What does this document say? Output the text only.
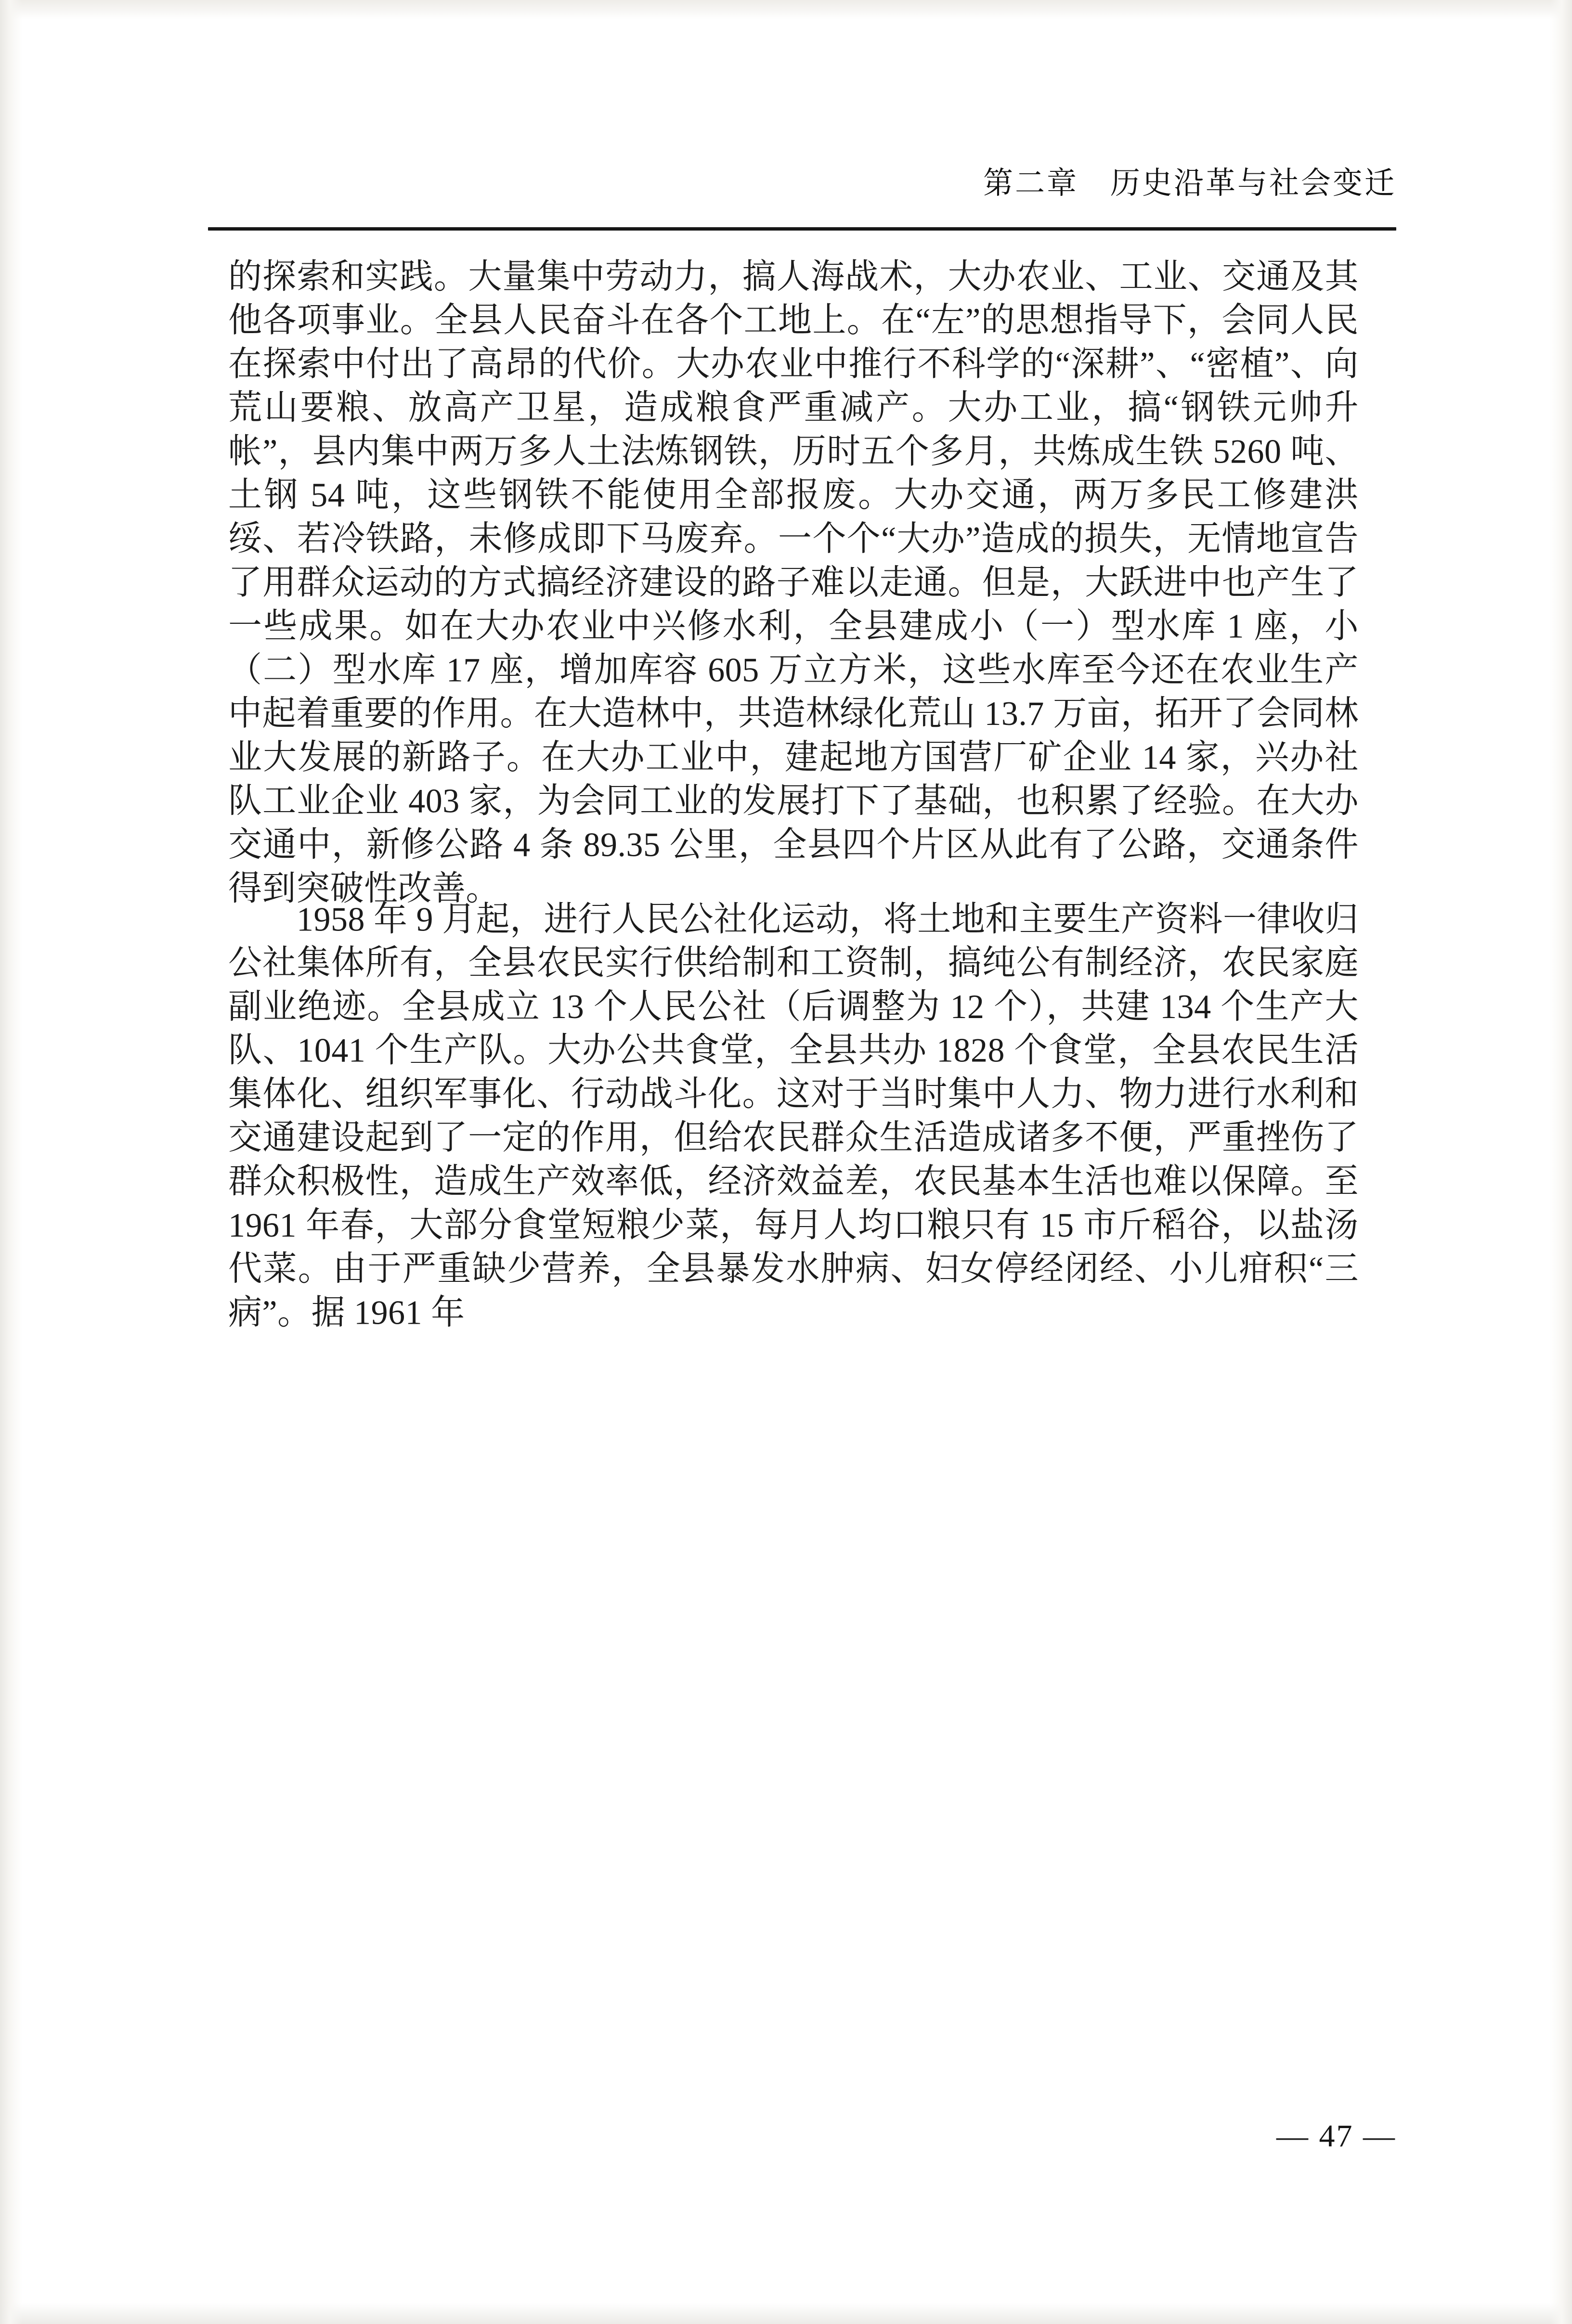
第二章　历史沿革与社会变迁

的探索和实践。大量集中劳动力，搞人海战术，大办农业、工业、交通及其他各项事业。全县人民奋斗在各个工地上。在“左”的思想指导下，会同人民在探索中付出了高昂的代价。大办农业中推行不科学的“深耕”、“密植”、向荒山要粮、放高产卫星，造成粮食严重减产。大办工业，搞“钢铁元帅升帐”，县内集中两万多人土法炼钢铁，历时五个多月，共炼成生铁 5260 吨、土钢 54 吨，这些钢铁不能使用全部报废。大办交通，两万多民工修建洪绥、若冷铁路，未修成即下马废弃。一个个“大办”造成的损失，无情地宣告了用群众运动的方式搞经济建设的路子难以走通。但是，大跃进中也产生了一些成果。如在大办农业中兴修水利，全县建成小（一）型水库 1 座，小（二）型水库 17 座，增加库容 605 万立方米，这些水库至今还在农业生产中起着重要的作用。在大造林中，共造林绿化荒山 13.7 万亩，拓开了会同林业大发展的新路子。在大办工业中，建起地方国营厂矿企业 14 家，兴办社队工业企业 403 家，为会同工业的发展打下了基础，也积累了经验。在大办交通中，新修公路 4 条 89.35 公里，全县四个片区从此有了公路，交通条件得到突破性改善。

1958 年 9 月起，进行人民公社化运动，将土地和主要生产资料一律收归公社集体所有，全县农民实行供给制和工资制，搞纯公有制经济，农民家庭副业绝迹。全县成立 13 个人民公社（后调整为 12 个），共建 134 个生产大队、1041 个生产队。大办公共食堂，全县共办 1828 个食堂，全县农民生活集体化、组织军事化、行动战斗化。这对于当时集中人力、物力进行水利和交通建设起到了一定的作用，但给农民群众生活造成诸多不便，严重挫伤了群众积极性，造成生产效率低，经济效益差，农民基本生活也难以保障。至 1961 年春，大部分食堂短粮少菜，每月人均口粮只有 15 市斤稻谷，以盐汤代菜。由于严重缺少营养，全县暴发水肿病、妇女停经闭经、小儿疳积“三病”。据 1961 年

— 47 —
